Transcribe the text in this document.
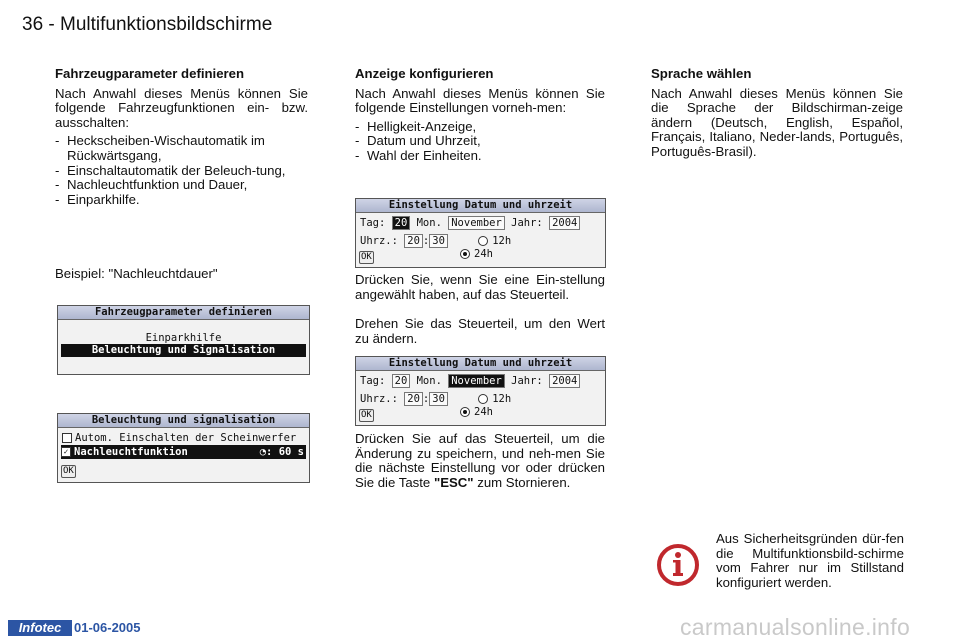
36 - Multifunktionsbildschirme
Fahrzeugparameter definieren

Nach Anwahl dieses Menüs können Sie folgende Fahrzeugfunktionen ein- bzw. ausschalten:

- Heckscheiben-Wischautomatik im Rückwärtsgang,
- Einschaltautomatik der Beleuch-tung,
- Nachleuchtfunktion und Dauer,
- Einparkhilfe.
Beispiel: "Nachleuchtdauer"
Fahrzeugparameter definieren
Einparkhilfe
Beleuchtung und Signalisation
Beleuchtung und signalisation
Autom. Einschalten der Scheinwerfer
✓ Nachleuchtfunktion	◔: 60 s
OK
Anzeige konfigurieren

Nach Anwahl dieses Menüs können Sie folgende Einstellungen vorneh-men:

- Helligkeit-Anzeige,
- Datum und Uhrzeit,
- Wahl der Einheiten.
Einstellung Datum und uhrzeit
Tag: 20 Mon. November Jahr: 2004
Uhrz.: 20 : 30	12h
24h
OK
Drücken Sie, wenn Sie eine Ein-stellung angewählt haben, auf das Steuerteil.
Drehen Sie das Steuerteil, um den Wert zu ändern.
Einstellung Datum und uhrzeit
Tag: 20 Mon. November Jahr: 2004
Uhrz.: 20 : 30	12h
24h
OK
Drücken Sie auf das Steuerteil, um die Änderung zu speichern, und neh-men Sie die nächste Einstellung vor oder drücken Sie die Taste "ESC" zum Stornieren.
Sprache wählen

Nach Anwahl dieses Menüs können Sie die Sprache der Bildschirman-zeige ändern (Deutsch, English, Español, Français, Italiano, Neder-lands, Português, Português-Brasil).

Aus Sicherheitsgründen dür-fen die Multifunktionsbild-schirme vom Fahrer nur im Stillstand konfiguriert werden.
Infotec 01-06-2005	carmanualsonline.info
